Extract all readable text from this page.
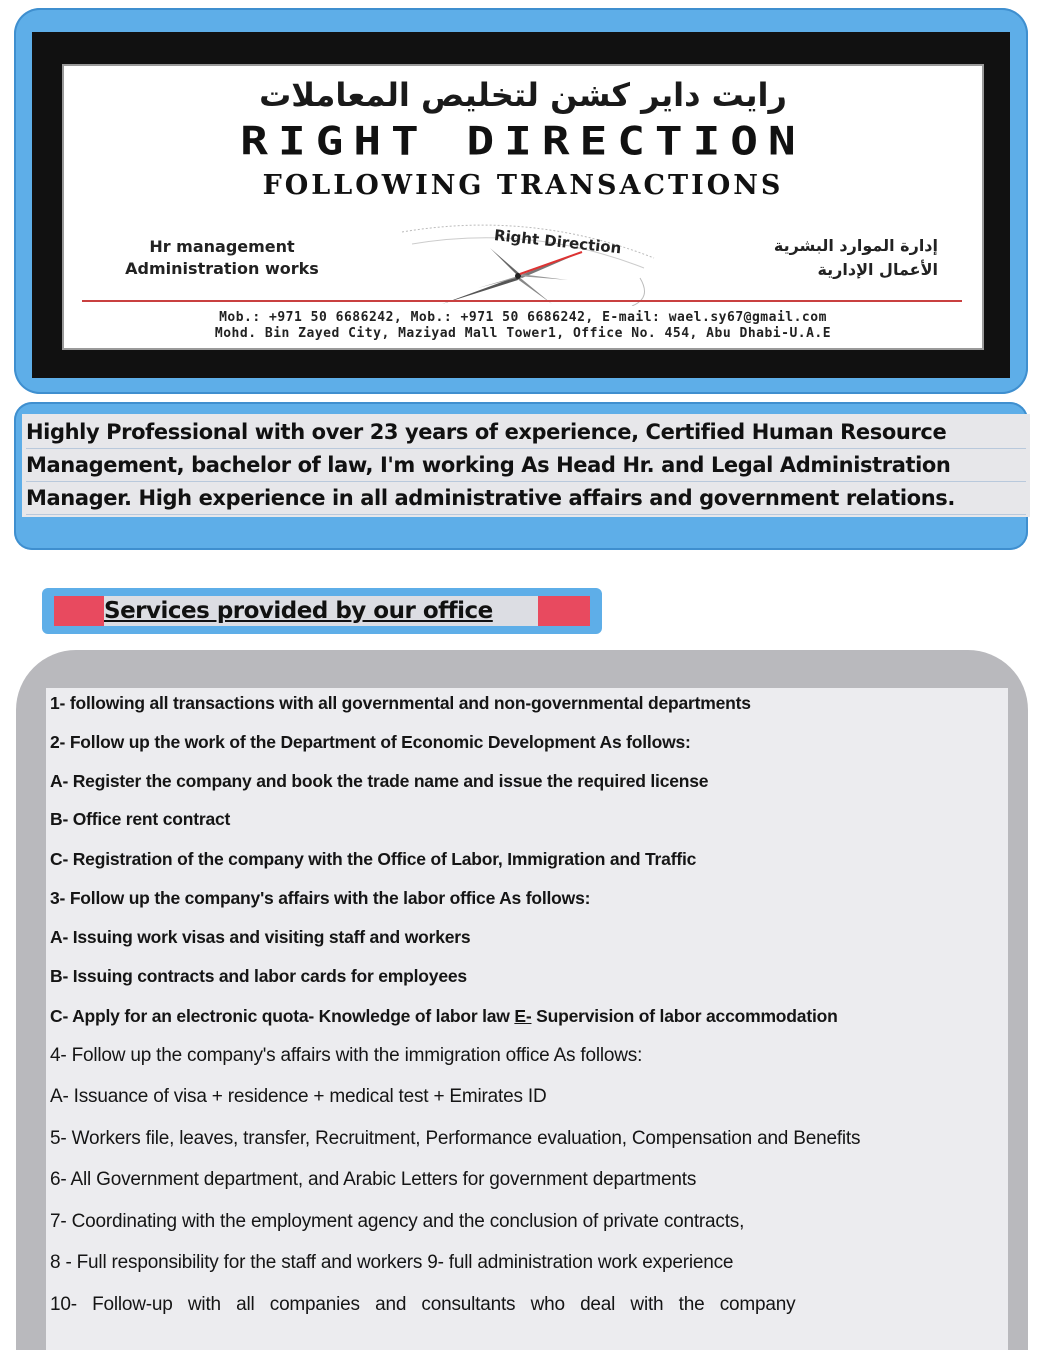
رايت داير كشن لتخليص المعاملات
RIGHT DIRECTION
FOLLOWING TRANSACTIONS
Hr management
Administration works
Right Direction	إدارة الموارد البشرية
الأعمال الإدارية
Mob.: +971 50 6686242, Mob.: +971 50 6686242, E-mail: wael.sy67@gmail.com
Mohd. Bin Zayed City, Maziyad Mall Tower1, Office No. 454, Abu Dhabi-U.A.E
Highly Professional with over 23 years of experience, Certified Human Resource
Management, bachelor of law, I'm working As Head Hr. and Legal Administration
Manager. High experience in all administrative affairs and government relations.
Services provided by our office
1- following all transactions with all governmental and non-governmental departments
2- Follow up the work of the Department of Economic Development As follows:
A- Register the company and book the trade name and issue the required license
B- Office rent contract
C- Registration of the company with the Office of Labor, Immigration and Traffic
3- Follow up the company's affairs with the labor office As follows:
A- Issuing work visas and visiting staff and workers
B- Issuing contracts and labor cards for employees
C- Apply for an electronic quota- Knowledge of labor law E- Supervision of labor accommodation
4- Follow up the company's affairs with the immigration office As follows:
A- Issuance of visa + residence + medical test + Emirates ID
5- Workers file, leaves, transfer, Recruitment, Performance evaluation, Compensation and Benefits
6- All Government department, and Arabic Letters for government departments
7- Coordinating with the employment agency and the conclusion of private contracts,
8 - Full responsibility for the staff and workers 9- full administration work experience
10-   Follow-up   with   all   companies   and   consultants   who   deal   with   the   company
